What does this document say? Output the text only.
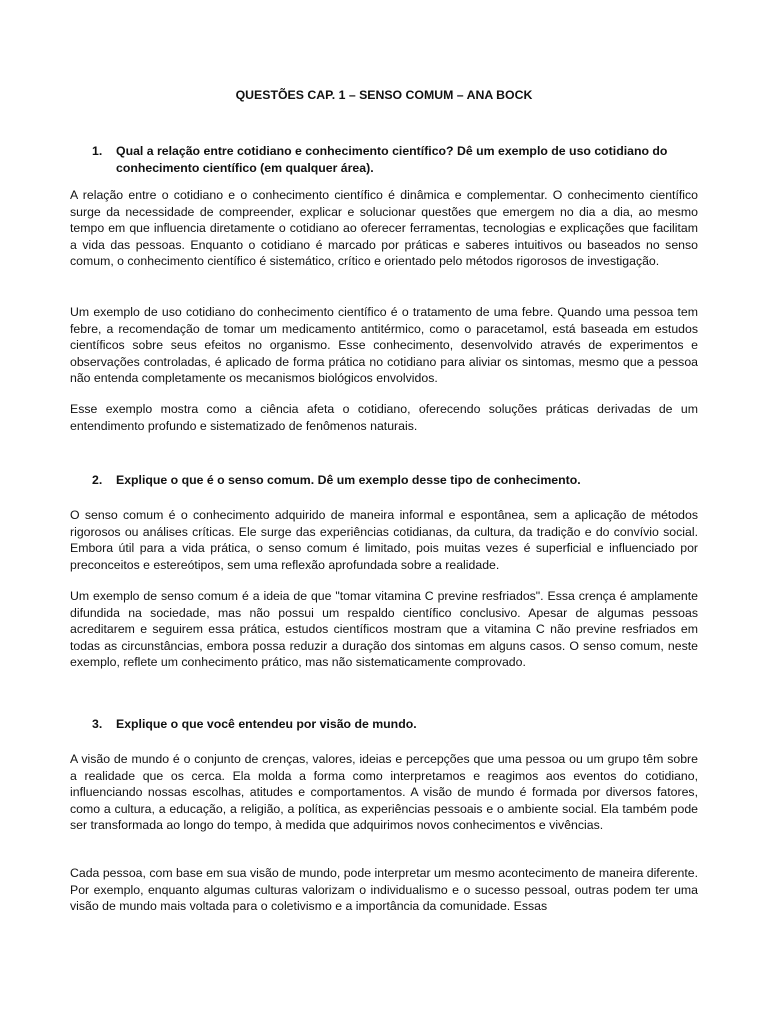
QUESTÕES CAP. 1 – SENSO COMUM – ANA BOCK
1. Qual a relação entre cotidiano e conhecimento científico? Dê um exemplo de uso cotidiano do conhecimento científico (em qualquer área).
A relação entre o cotidiano e o conhecimento científico é dinâmica e complementar. O conhecimento científico surge da necessidade de compreender, explicar e solucionar questões que emergem no dia a dia, ao mesmo tempo em que influencia diretamente o cotidiano ao oferecer ferramentas, tecnologias e explicações que facilitam a vida das pessoas. Enquanto o cotidiano é marcado por práticas e saberes intuitivos ou baseados no senso comum, o conhecimento científico é sistemático, crítico e orientado pelo métodos rigorosos de investigação.
Um exemplo de uso cotidiano do conhecimento científico é o tratamento de uma febre. Quando uma pessoa tem febre, a recomendação de tomar um medicamento antitérmico, como o paracetamol, está baseada em estudos científicos sobre seus efeitos no organismo. Esse conhecimento, desenvolvido através de experimentos e observações controladas, é aplicado de forma prática no cotidiano para aliviar os sintomas, mesmo que a pessoa não entenda completamente os mecanismos biológicos envolvidos.
Esse exemplo mostra como a ciência afeta o cotidiano, oferecendo soluções práticas derivadas de um entendimento profundo e sistematizado de fenômenos naturais.
2. Explique o que é o senso comum. Dê um exemplo desse tipo de conhecimento.
O senso comum é o conhecimento adquirido de maneira informal e espontânea, sem a aplicação de métodos rigorosos ou análises críticas. Ele surge das experiências cotidianas, da cultura, da tradição e do convívio social. Embora útil para a vida prática, o senso comum é limitado, pois muitas vezes é superficial e influenciado por preconceitos e estereótipos, sem uma reflexão aprofundada sobre a realidade.
Um exemplo de senso comum é a ideia de que "tomar vitamina C previne resfriados". Essa crença é amplamente difundida na sociedade, mas não possui um respaldo científico conclusivo. Apesar de algumas pessoas acreditarem e seguirem essa prática, estudos científicos mostram que a vitamina C não previne resfriados em todas as circunstâncias, embora possa reduzir a duração dos sintomas em alguns casos. O senso comum, neste exemplo, reflete um conhecimento prático, mas não sistematicamente comprovado.
3. Explique o que você entendeu por visão de mundo.
A visão de mundo é o conjunto de crenças, valores, ideias e percepções que uma pessoa ou um grupo têm sobre a realidade que os cerca. Ela molda a forma como interpretamos e reagimos aos eventos do cotidiano, influenciando nossas escolhas, atitudes e comportamentos. A visão de mundo é formada por diversos fatores, como a cultura, a educação, a religião, a política, as experiências pessoais e o ambiente social. Ela também pode ser transformada ao longo do tempo, à medida que adquirimos novos conhecimentos e vivências.
Cada pessoa, com base em sua visão de mundo, pode interpretar um mesmo acontecimento de maneira diferente. Por exemplo, enquanto algumas culturas valorizam o individualismo e o sucesso pessoal, outras podem ter uma visão de mundo mais voltada para o coletivismo e a importância da comunidade. Essas
